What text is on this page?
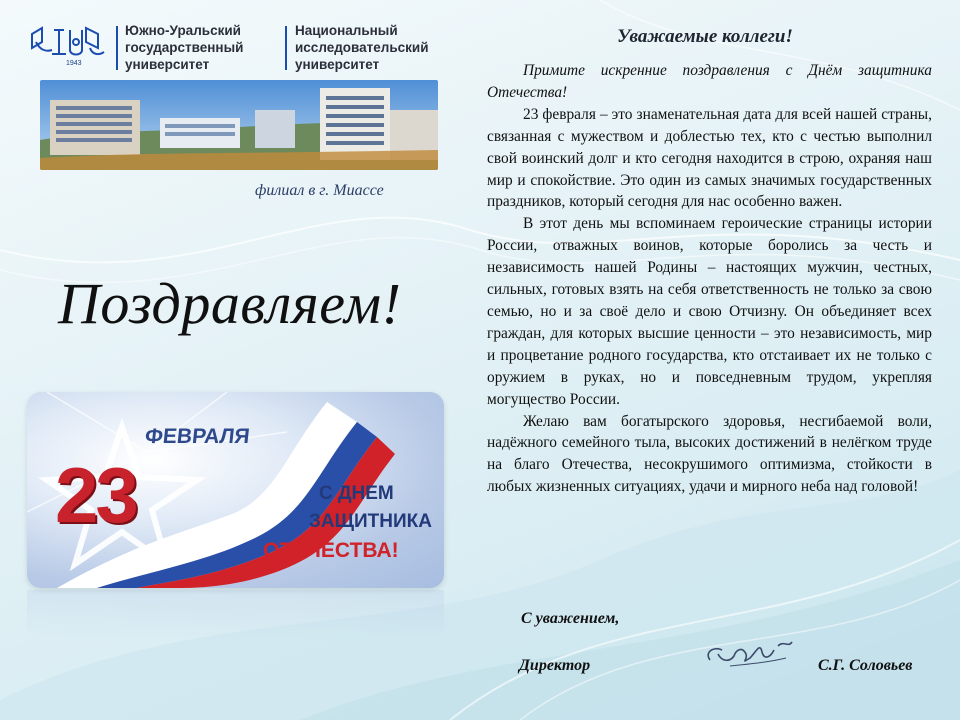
1943
Южно-Уральский
государственный
университет
Национальный
исследовательский
университет
филиал в г. Миассе
Поздравляем!
ФЕВРАЛЯ
23	С ДНЕМ
ЗАЩИТНИКА
ОТЕЧЕСТВА!
Уважаемые коллеги!

Примите искренние поздравления с Днём защитника Отечества!

23 февраля – это знаменательная дата для всей нашей страны, связанная с мужеством и доблестью тех, кто с честью выполнил свой воинский долг и кто сегодня находится в строю, охраняя наш мир и спокойствие. Это один из самых значимых государственных праздников, который сегодня для нас особенно важен.

В этот день мы вспоминаем героические страницы истории России, отважных воинов, которые боролись за честь и независимость нашей Родины – настоящих мужчин, честных, сильных, готовых взять на себя ответственность не только за свою семью, но и за своё дело и свою Отчизну. Он объединяет всех граждан, для которых высшие ценности – это независимость, мир и процветание родного государства, кто отстаивает их не только с оружием в руках, но и повседневным трудом, укрепляя могущество России.

Желаю вам богатырского здоровья, несгибаемой воли, надёжного семейного тыла, высоких достижений в нелёгком труде на благо Отечества, несокрушимого оптимизма, стойкости в любых жизненных ситуациях, удачи и мирного неба над головой!

С уважением,
Директор	С.Г. Соловьев
